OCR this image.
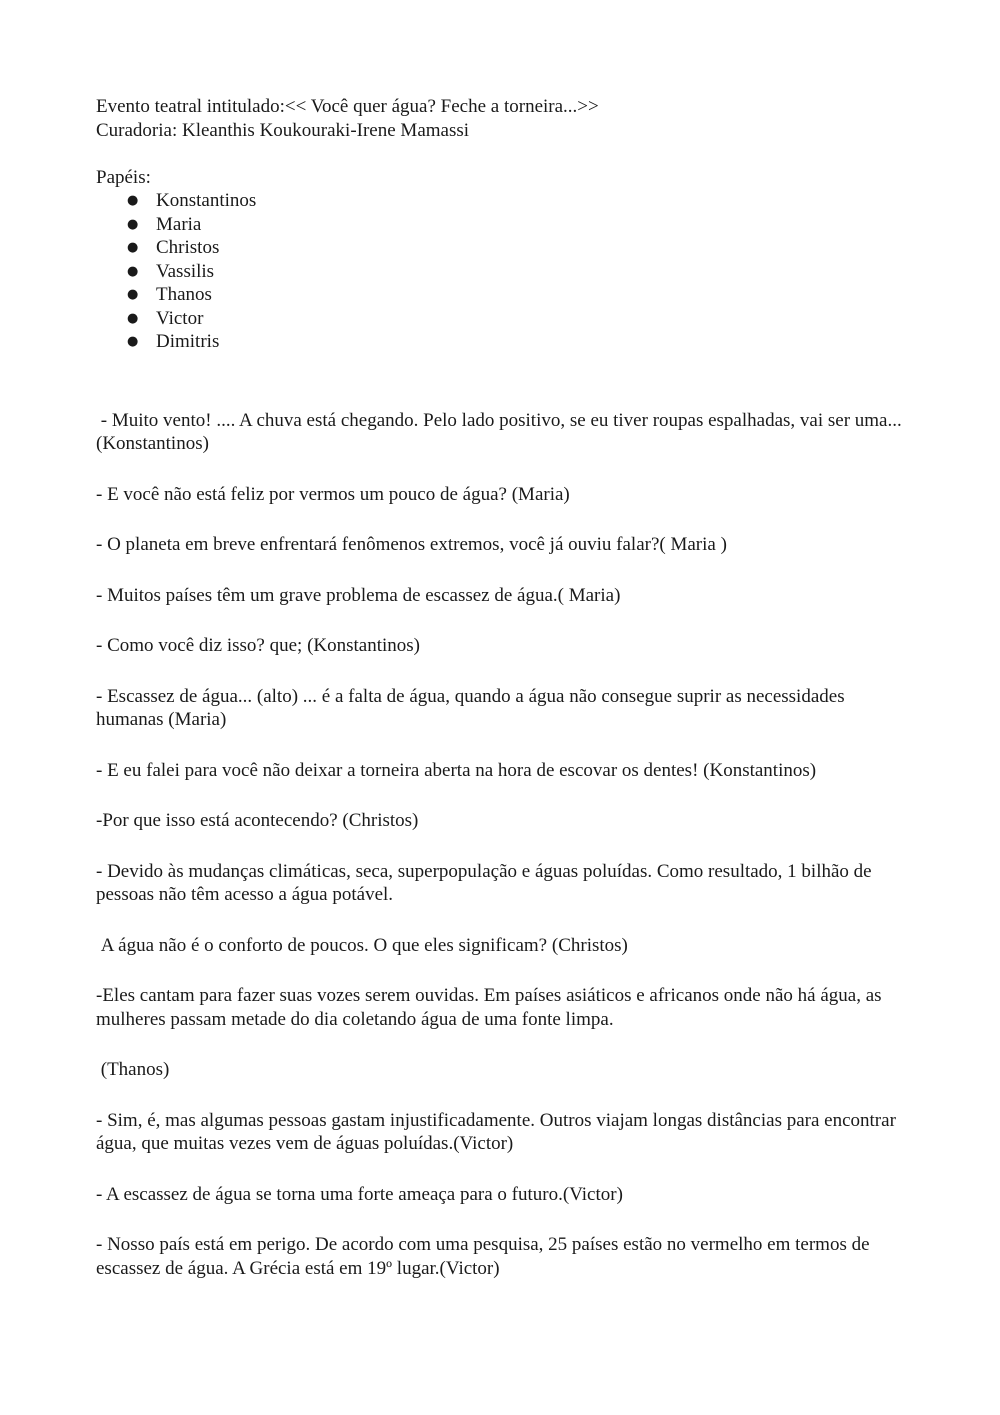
Evento teatral intitulado:<< Você quer água? Feche a torneira...>>

Curadoria: Kleanthis Koukouraki-Irene Mamassi

Papéis:

● Konstantinos
● Maria
● Christos
● Vassilis
● Thanos
● Victor
● Dimitris

- Muito vento! .... A chuva está chegando. Pelo lado positivo, se eu tiver roupas espalhadas, vai ser uma... (Konstantinos)

- E você não está feliz por vermos um pouco de água? (Maria)

- O planeta em breve enfrentará fenômenos extremos, você já ouviu falar?( Maria )

- Muitos países têm um grave problema de escassez de água.( Maria)

- Como você diz isso? que; (Konstantinos)

- Escassez de água... (alto) ... é a falta de água, quando a água não consegue suprir as necessidades humanas (Maria)

- E eu falei para você não deixar a torneira aberta na hora de escovar os dentes! (Konstantinos)

-Por que isso está acontecendo? (Christos)

- Devido às mudanças climáticas, seca, superpopulação e águas poluídas. Como resultado, 1 bilhão de pessoas não têm acesso a água potável.

A água não é o conforto de poucos. O que eles significam? (Christos)

-Eles cantam para fazer suas vozes serem ouvidas. Em países asiáticos e africanos onde não há água, as mulheres passam metade do dia coletando água de uma fonte limpa.

(Thanos)

- Sim, é, mas algumas pessoas gastam injustificadamente. Outros viajam longas distâncias para encontrar água, que muitas vezes vem de águas poluídas.(Victor)

- A escassez de água se torna uma forte ameaça para o futuro.(Victor)

- Nosso país está em perigo. De acordo com uma pesquisa, 25 países estão no vermelho em termos de escassez de água. A Grécia está em 19º lugar.(Victor)
